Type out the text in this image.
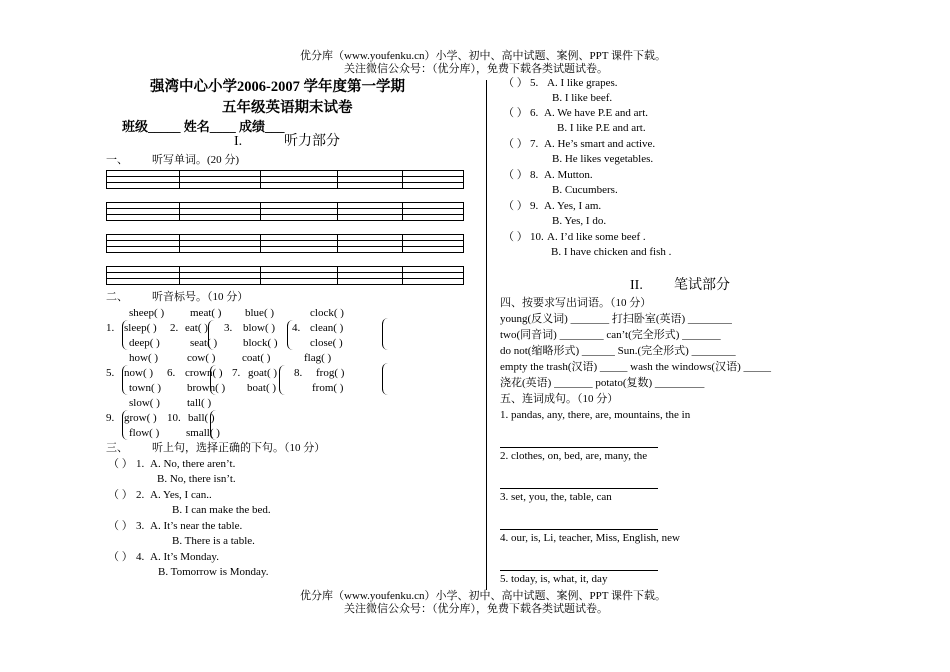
优分库（www.youfenku.cn）小学、初中、高中试题、案例、PPT 课件下载。
关注微信公众号：（优分库），免费下载各类试题试卷。
强湾中心小学2006-2007 学年度第一学期
五年级英语期末试卷
班级_____ 姓名____ 成绩___
I.	听力部分
一、 听写单词。(20 分)

二、 听音标号。（10 分）
sheep( ) meat( ) blue( )	clock( )
1. sleep( ) 2. eat( ) 3. blow( ) 4. clean( )
deep( )	seat( ) block( )	close( )
how( )	cow( ) coat( )	flag( )
5. now( ) 6. crown( ) 7. goat( ) 8. frog( )
town( ) brown( ) boat( )	from( )
slow( ) tall( )
9. grow( ) 10. ball( )
flow( ) small( )
三、 听上句，选择正确的下句。（10 分）
（ ） 1. A. No, there aren’t.
B. No, there isn’t.
（ ） 2. A. Yes, I can..
B. I can make the bed.
（ ） 3. A. It’s near the table.
B. There is a table.
（ ） 4. A. It’s Monday.
B. Tomorrow is Monday.
（ ） 5. A. I like grapes.
B. I like beef.
（ ） 6. A. We have P.E and art.
B. I like P.E and art.
（ ） 7. A. He’s smart and active.
B. He likes vegetables.
（ ） 8. A. Mutton.
B. Cucumbers.
（ ） 9. A. Yes, I am.
B. Yes, I do.
（ ） 10. A. I’d like some beef .
B. I have chicken and fish .
II. 笔试部分
四、按要求写出词语。（10 分）
young(反义词) _______ 打扫卧室(英语) ________
two(同音词) ________ can’t(完全形式) _______
do not(缩略形式) ______ Sun.(完全形式) ________
empty the trash(汉语) _____ wash the windows(汉语) _____
浇花(英语) _______ potato(复数) _________
五、连词成句。（10 分）
1. pandas, any, there, are, mountains, the in
2. clothes, on, bed, are, many, the
3. set, you, the, table, can
4. our, is, Li, teacher, Miss, English, new
5. today, is, what, it, day
优分库（www.youfenku.cn）小学、初中、高中试题、案例、PPT 课件下载。
关注微信公众号：（优分库），免费下载各类试题试卷。
